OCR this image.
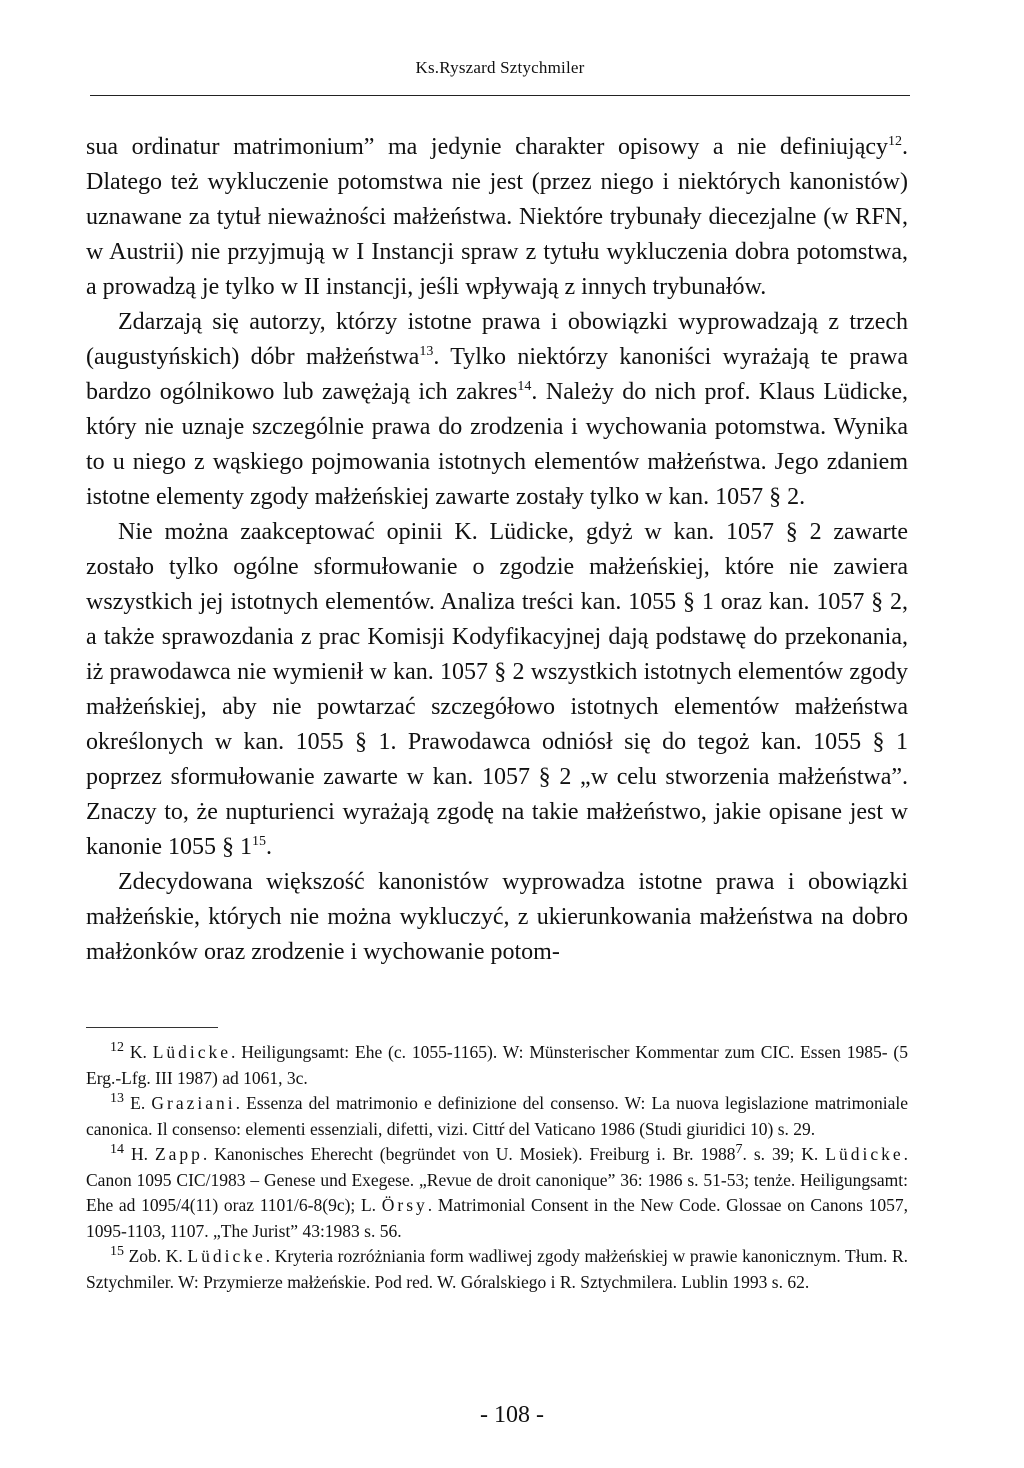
Ks.Ryszard Sztychmiler

sua ordinatur matrimonium” ma jedynie charakter opisowy a nie definiujący$^{12}$. Dlatego też wykluczenie potomstwa nie jest (przez niego i niektórych kanonistów) uznawane za tytuł nieważności małżeństwa. Niektóre trybunały diecezjalne (w RFN, w Austrii) nie przyjmują w I Instancji spraw z tytułu wykluczenia dobra potomstwa, a prowadzą je tylko w II instancji, jeśli wpływają z innych trybunałów.

Zdarzają się autorzy, którzy istotne prawa i obowiązki wyprowadzają z trzech (augustyńskich) dóbr małżeństwa$^{13}$. Tylko niektórzy kanoniści wyrażają te prawa bardzo ogólnikowo lub zawężają ich zakres$^{14}$. Należy do nich prof. Klaus Lüdicke, który nie uznaje szczególnie prawa do zrodzenia i wychowania potomstwa. Wynika to u niego z wąskiego pojmowania istotnych elementów małżeństwa. Jego zdaniem istotne elementy zgody małżeńskiej zawarte zostały tylko w kan. 1057 § 2.

Nie można zaakceptować opinii K. Lüdicke, gdyż w kan. 1057 § 2 zawarte zostało tylko ogólne sformułowanie o zgodzie małżeńskiej, które nie zawiera wszystkich jej istotnych elementów. Analiza treści kan. 1055 § 1 oraz kan. 1057 § 2, a także sprawozdania z prac Komisji Kodyfikacyjnej dają podstawę do przekonania, iż prawodawca nie wymienił w kan. 1057 § 2 wszystkich istotnych elementów zgody małżeńskiej, aby nie powtarzać szczegółowo istotnych elementów małżeństwa określonych w kan. 1055 § 1. Prawodawca odniósł się do tegoż kan. 1055 § 1 poprzez sformułowanie zawarte w kan. 1057 § 2 „w celu stworzenia małżeństwa”. Znaczy to, że nupturienci wyrażają zgodę na takie małżeństwo, jakie opisane jest w kanonie 1055 § $1^{15}$.

Zdecydowana większość kanonistów wyprowadza istotne prawa i obowiązki małżeńskie, których nie można wykluczyć, z ukierunkowania małżeństwa na dobro małżonków oraz zrodzenie i wychowanie potom-

$^{12}$ K. Lüdicke. Heiligungsamt: Ehe (c. 1055-1165). W: Münsterischer Kommentar zum CIC. Essen 1985- (5 Erg.-Lfg. III 1987) ad 1061, 3c.

$^{13}$ E. Graziani. Essenza del matrimonio e definizione del consenso. W: La nuova legislazione matrimoniale canonica. Il consenso: elementi essenziali, difetti, vizi. Cittŕ del Vaticano 1986 (Studi giuridici 10) s. 29.

$^{14}$ H. Zapp. Kanonisches Eherecht (begründet von U. Mosiek). Freiburg i. Br. 1988$^7$. s. 39; K. Lüdicke. Canon 1095 CIC/1983 – Genese und Exegese. „Revue de droit canonique” 36: 1986 s. 51-53; tenże. Heiligungsamt: Ehe ad 1095/4(11) oraz 1101/6-8(9c); L. Örsy. Matrimonial Consent in the New Code. Glossae on Canons 1057, 1095-1103, 1107. „The Jurist” 43:1983 s. 56.

$^{15}$ Zob. K. Lüdicke. Kryteria rozróżniania form wadliwej zgody małżeńskiej w prawie kanonicznym. Tłum. R. Sztychmiler. W: Przymierze małżeńskie. Pod red. W. Góralskiego i R. Sztychmilera. Lublin 1993 s. 62.

- 108 -
